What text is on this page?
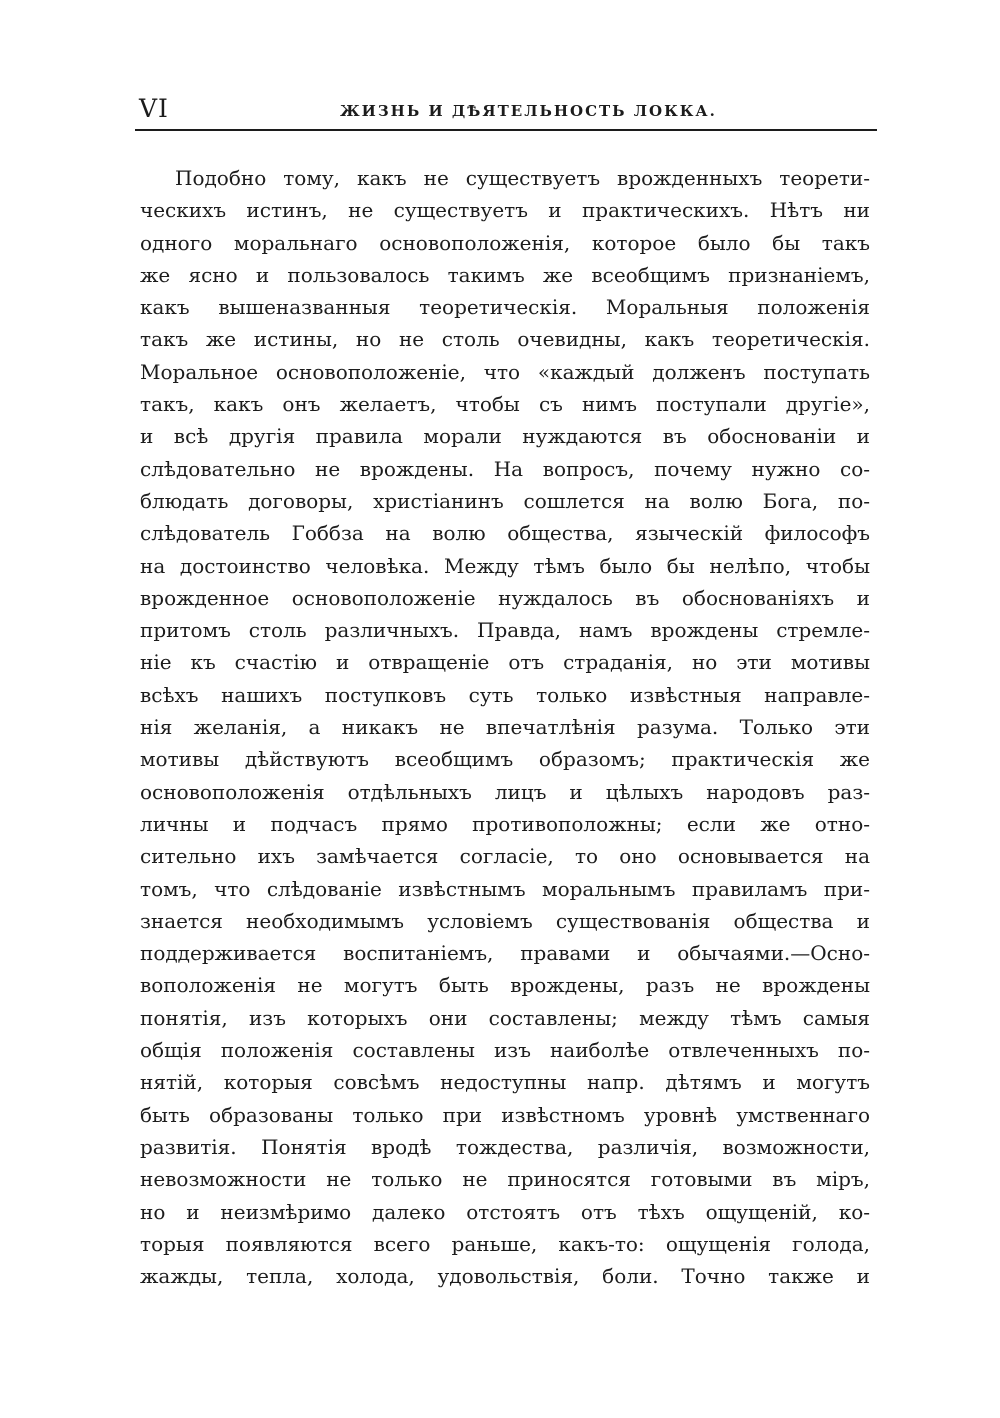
VI	ЖИЗНЬ И ДѢЯТЕЛЬНОСТЬ ЛОККА.
Подобно тому, какъ не существуетъ врожденныхъ теорети-
ческихъ истинъ, не существуетъ и практическихъ. Нѣтъ ни
одного моральнаго основоположенія, которое было бы такъ
же ясно и пользовалось такимъ же всеобщимъ признаніемъ,
какъ вышеназванныя теоретическія. Моральныя положенія
такъ же истины, но не столь очевидны, какъ теоретическія.
Моральное основоположеніе, что «каждый долженъ поступать
такъ, какъ онъ желаетъ, чтобы съ нимъ поступали другіе»,
и всѣ другія правила морали нуждаются въ обоснованіи и
слѣдовательно не врождены. На вопросъ, почему нужно со-
блюдать договоры, христіанинъ сошлется на волю Бога, по-
слѣдователь Гоббза на волю общества, языческій философъ
на достоинство человѣка. Между тѣмъ было бы нелѣпо, чтобы
врожденное основоположеніе нуждалось въ обоснованіяхъ и
притомъ столь различныхъ. Правда, намъ врождены стремле-
ніе къ счастію и отвращеніе отъ страданія, но эти мотивы
всѣхъ нашихъ поступковъ суть только извѣстныя направле-
нія желанія, а никакъ не впечатлѣнія разума. Только эти
мотивы дѣйствуютъ всеобщимъ образомъ; практическія же
основоположенія отдѣльныхъ лицъ и цѣлыхъ народовъ раз-
личны и подчасъ прямо противоположны; если же отно-
сительно ихъ замѣчается согласіе, то оно основывается на
томъ, что слѣдованіе извѣстнымъ моральнымъ правиламъ при-
знается необходимымъ условіемъ существованія общества и
поддерживается воспитаніемъ, правами и обычаями.—Осно-
воположенія не могутъ быть врождены, разъ не врождены
понятія, изъ которыхъ они составлены; между тѣмъ самыя
общія положенія составлены изъ наиболѣе отвлеченныхъ по-
нятій, которыя совсѣмъ недоступны напр. дѣтямъ и могутъ
быть образованы только при извѣстномъ уровнѣ умственнаго
развитія. Понятія вродѣ тождества, различія, возможности,
невозможности не только не приносятся готовыми въ міръ,
но и неизмѣримо далеко отстоятъ отъ тѣхъ ощущеній, ко-
торыя появляются всего раньше, какъ-то: ощущенія голода,
жажды, тепла, холода, удовольствія, боли. Точно также и
